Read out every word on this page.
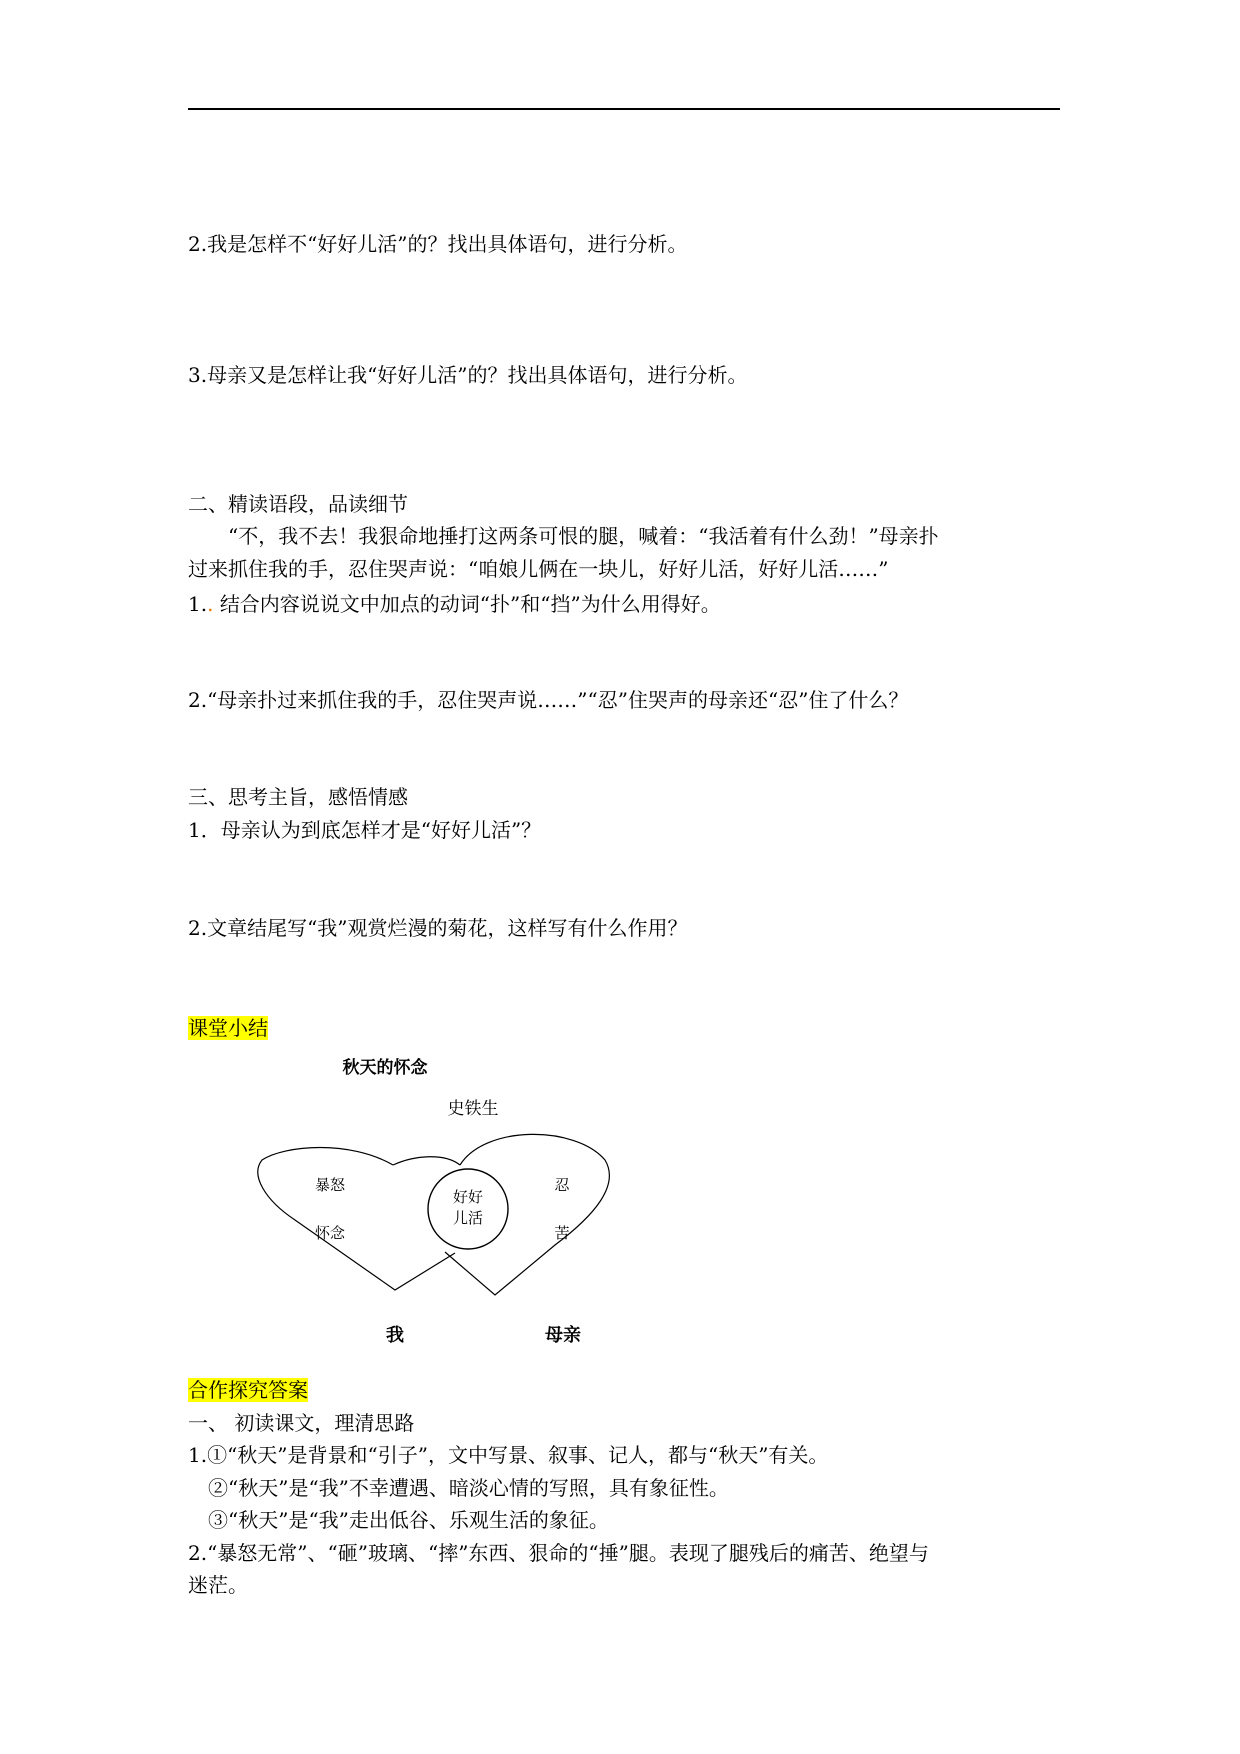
2.我是怎样不“好好儿活”的？找出具体语句，进行分析。
3.母亲又是怎样让我“好好儿活”的？找出具体语句，进行分析。
二、精读语段，品读细节
“不，我不去！我狠命地捶打这两条可恨的腿，喊着：“我活着有什么劲！”母亲扑
过来抓住我的手，忍住哭声说：“咱娘儿俩在一块儿，好好儿活，好好儿活……”
1.. 结合内容说说文中加点的动词“扑”和“挡”为什么用得好。
2.“母亲扑过来抓住我的手，忍住哭声说……”“忍”住哭声的母亲还“忍”住了什么？
三、思考主旨，感悟情感
1．母亲认为到底怎样才是“好好儿活”？
2.文章结尾写“我”观赏烂漫的菊花，这样写有什么作用？
课堂小结
秋天的怀念
史铁生
暴怒
怀念
好好
儿活
忍
苦
我	母亲
合作探究答案
一、 初读课文，理清思路
1.①“秋天”是背景和“引子”，文中写景、叙事、记人，都与“秋天”有关。
②“秋天”是“我”不幸遭遇、暗淡心情的写照，具有象征性。
③“秋天”是“我”走出低谷、乐观生活的象征。
2.“暴怒无常”、“砸”玻璃、“摔”东西、狠命的“捶”腿。表现了腿残后的痛苦、绝望与
迷茫。
